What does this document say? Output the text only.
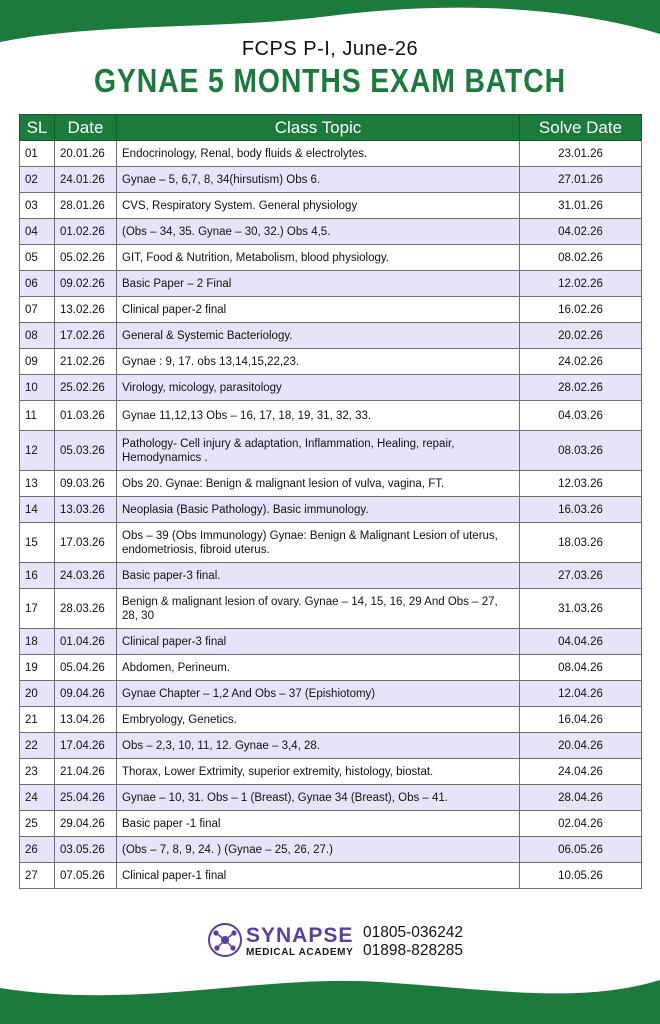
FCPS P-I, June-26
GYNAE 5 MONTHS EXAM BATCH
SL	Date	Class Topic	Solve Date
01	20.01.26	Endocrinology, Renal, body fluids & electrolytes.	23.01.26
02	24.01.26	Gynae – 5, 6,7, 8, 34(hirsutism) Obs 6.	27.01.26
03	28.01.26	CVS, Respiratory System. General physiology	31.01.26
04	01.02.26	(Obs – 34, 35. Gynae – 30, 32.) Obs 4,5.	04.02.26
05	05.02.26	GIT, Food & Nutrition, Metabolism, blood physiology.	08.02.26
06	09.02.26	Basic Paper – 2 Final	12.02.26
07	13.02.26	Clinical paper-2 final	16.02.26
08	17.02.26	General & Systemic Bacteriology.	20.02.26
09	21.02.26	Gynae : 9, 17. obs 13,14,15,22,23.	24.02.26
10	25.02.26	Virology, micology, parasitology	28.02.26
11	01.03.26	Gynae 11,12,13 Obs – 16, 17, 18, 19, 31, 32, 33.	04.03.26
12	05.03.26	Pathology- Cell injury & adaptation, Inflammation, Healing, repair, Hemodynamics .	08.03.26
13	09.03.26	Obs 20. Gynae: Benign & malignant lesion of vulva, vagina, FT.	12.03.26
14	13.03.26	Neoplasia (Basic Pathology). Basic immunology.	16.03.26
15	17.03.26	Obs – 39 (Obs Immunology) Gynae: Benign & Malignant Lesion of uterus, endometriosis, fibroid uterus.	18.03.26
16	24.03.26	Basic paper-3 final.	27.03.26
17	28.03.26	Benign & malignant lesion of ovary. Gynae – 14, 15, 16, 29 And Obs – 27, 28, 30	31.03.26
18	01.04.26	Clinical paper-3 final	04.04.26
19	05.04.26	Abdomen, Perineum.	08.04.26
20	09.04.26	Gynae Chapter – 1,2 And Obs – 37 (Epishiotomy)	12.04.26
21	13.04.26	Embryology, Genetics.	16.04.26
22	17.04.26	Obs – 2,3, 10, 11, 12. Gynae – 3,4, 28.	20.04.26
23	21.04.26	Thorax, Lower Extrimity, superior extremity, histology, biostat.	24.04.26
24	25.04.26	Gynae – 10, 31. Obs – 1 (Breast), Gynae 34 (Breast), Obs – 41.	28.04.26
25	29.04.26	Basic paper -1 final	02.04.26
26	03.05.26	(Obs – 7, 8, 9, 24. ) (Gynae – 25, 26, 27.)	06.05.26
27	07.05.26	Clinical paper-1 final	10.05.26
SYNAPSE
MEDICAL ACADEMY
01805-036242
01898-828285
